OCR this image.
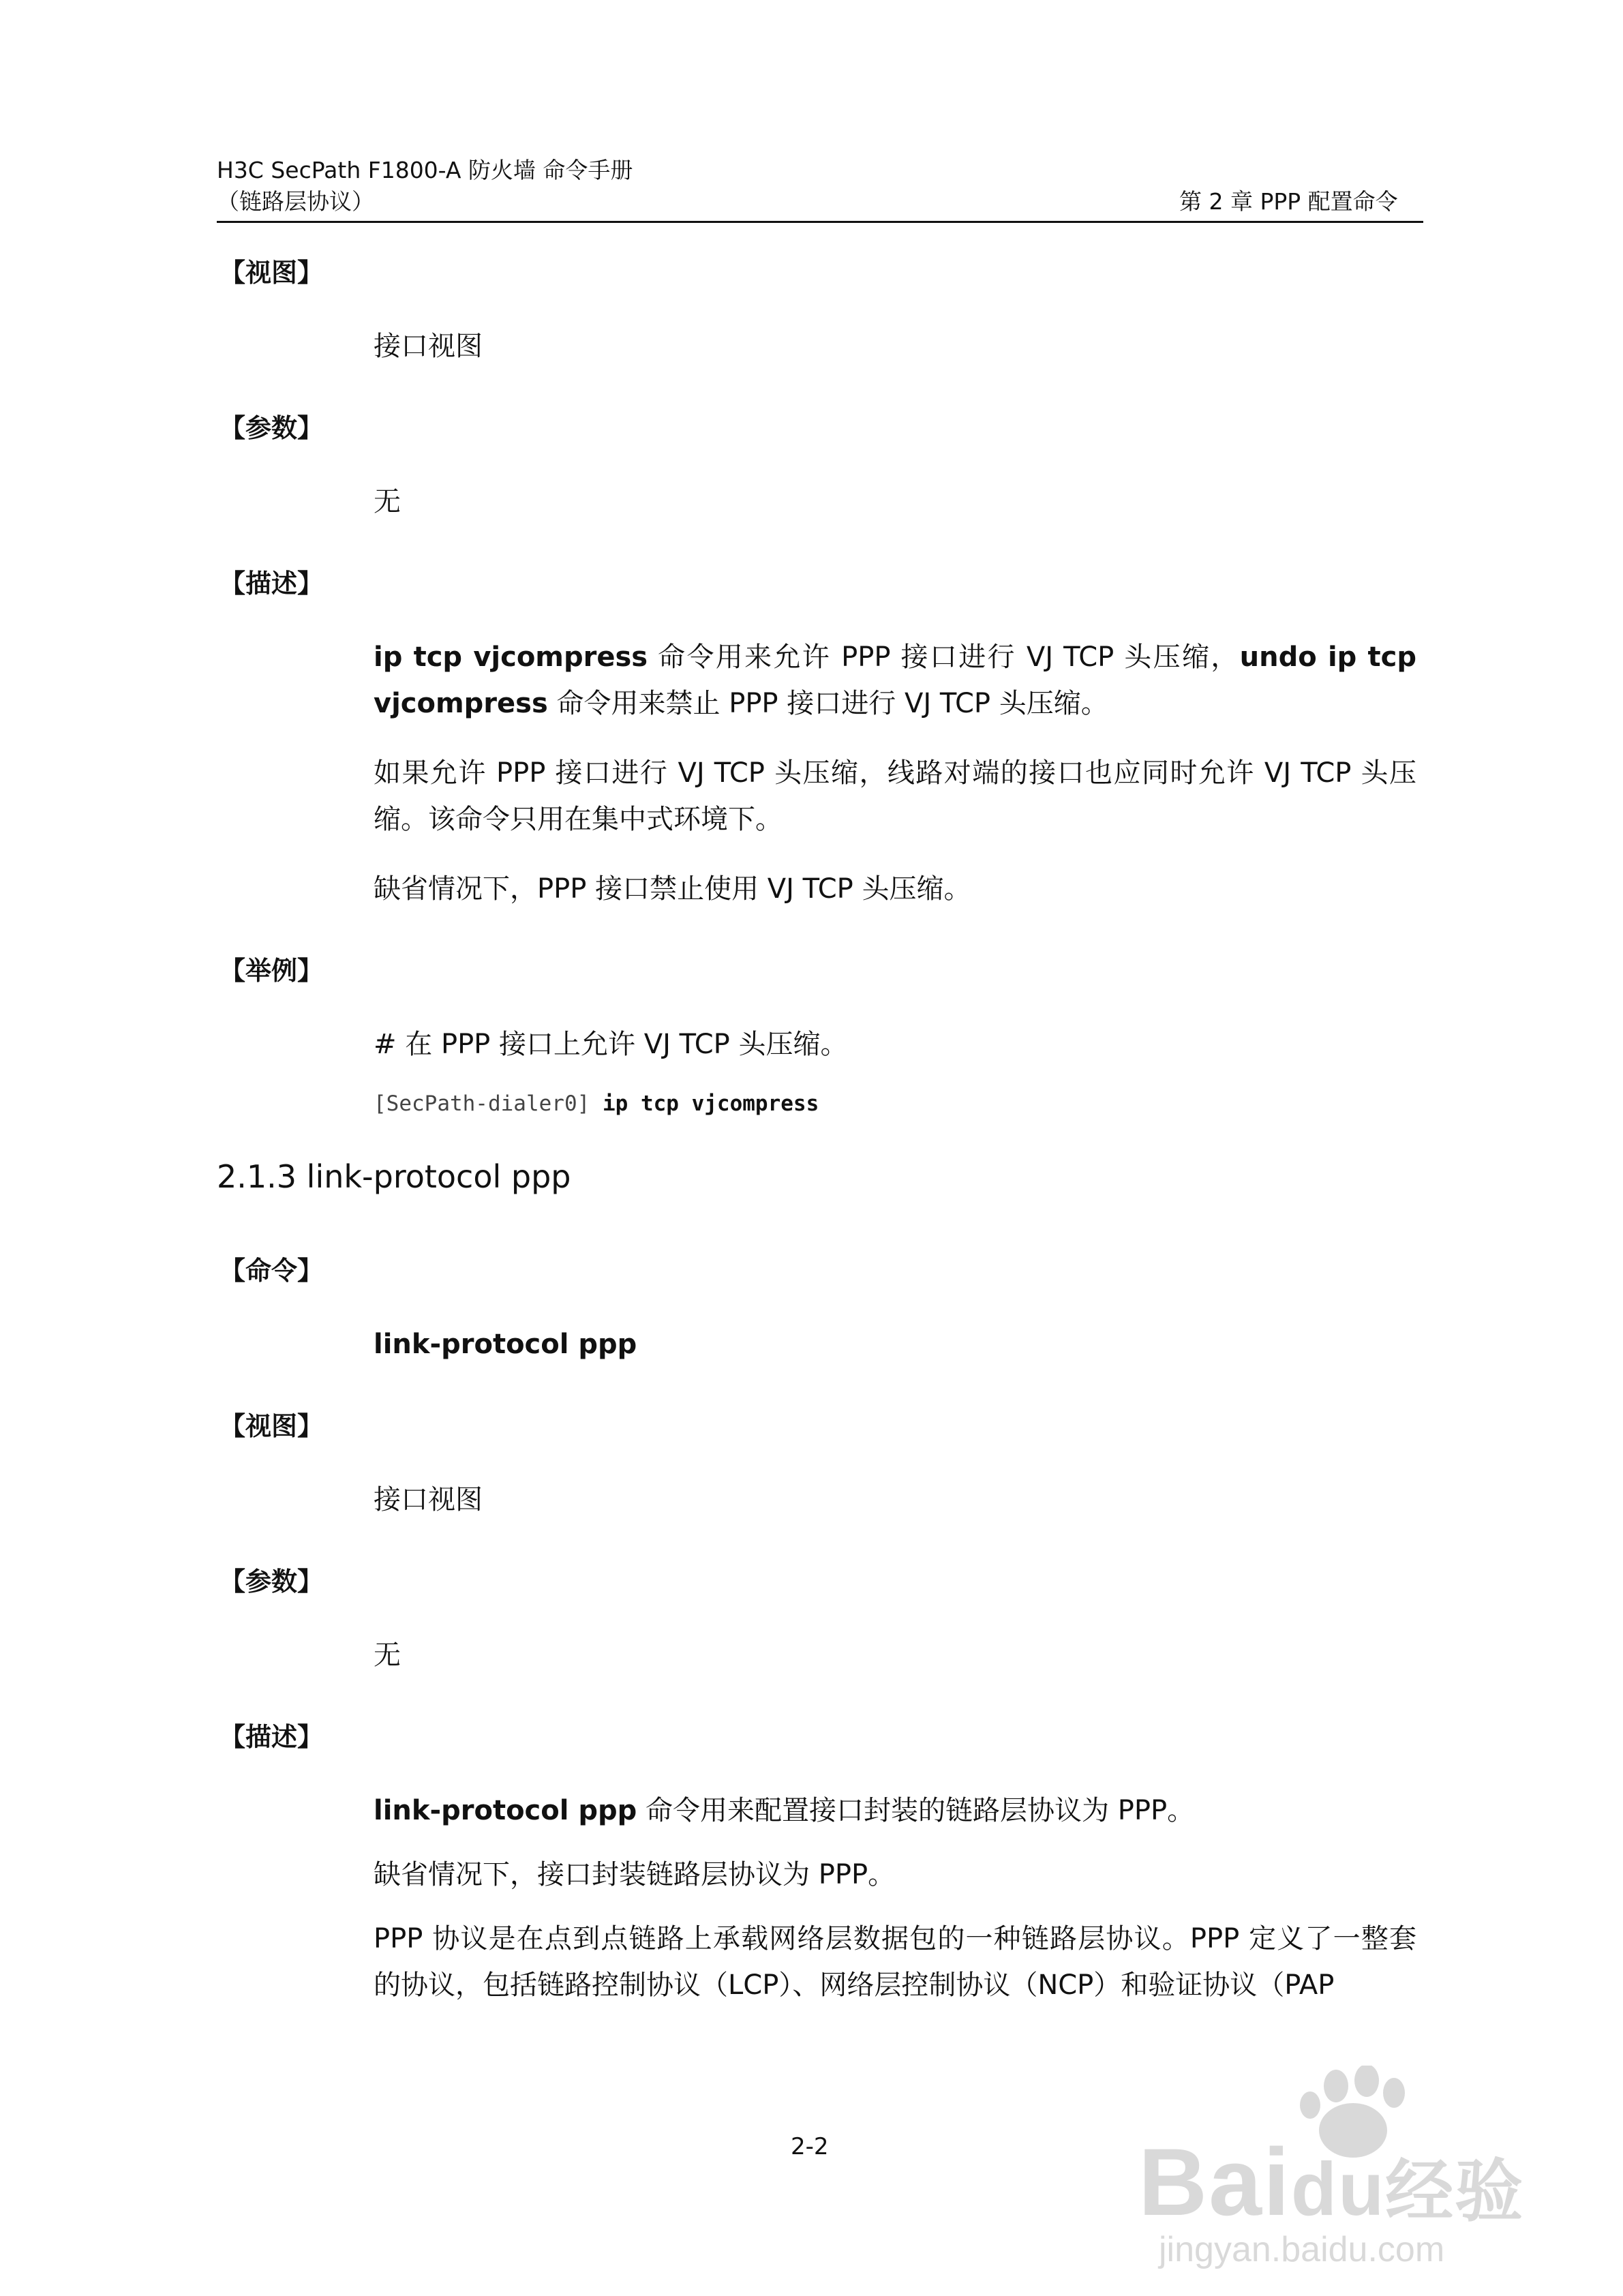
H3C SecPath F1800-A 防火墙 命令手册
（链路层协议）	第 2 章 PPP 配置命令
【视图】
接口视图
【参数】
无
【描述】
ip tcp vjcompress 命令用来允许 PPP 接口进行 VJ TCP 头压缩，undo ip tcp vjcompress 命令用来禁止 PPP 接口进行 VJ TCP 头压缩。
如果允许 PPP 接口进行 VJ TCP 头压缩，线路对端的接口也应同时允许 VJ TCP 头压缩。该命令只用在集中式环境下。
缺省情况下，PPP 接口禁止使用 VJ TCP 头压缩。
【举例】
# 在 PPP 接口上允许 VJ TCP 头压缩。
[SecPath-dialer0] ip tcp vjcompress
2.1.3 link-protocol ppp
【命令】
link-protocol ppp
【视图】
接口视图
【参数】
无
【描述】
link-protocol ppp 命令用来配置接口封装的链路层协议为 PPP。
缺省情况下，接口封装链路层协议为 PPP。
PPP 协议是在点到点链路上承载网络层数据包的一种链路层协议。PPP 定义了一整套的协议，包括链路控制协议（LCP）、网络层控制协议（NCP）和验证协议（PAP
2-2	Baidu经验
jingyan.baidu.com
